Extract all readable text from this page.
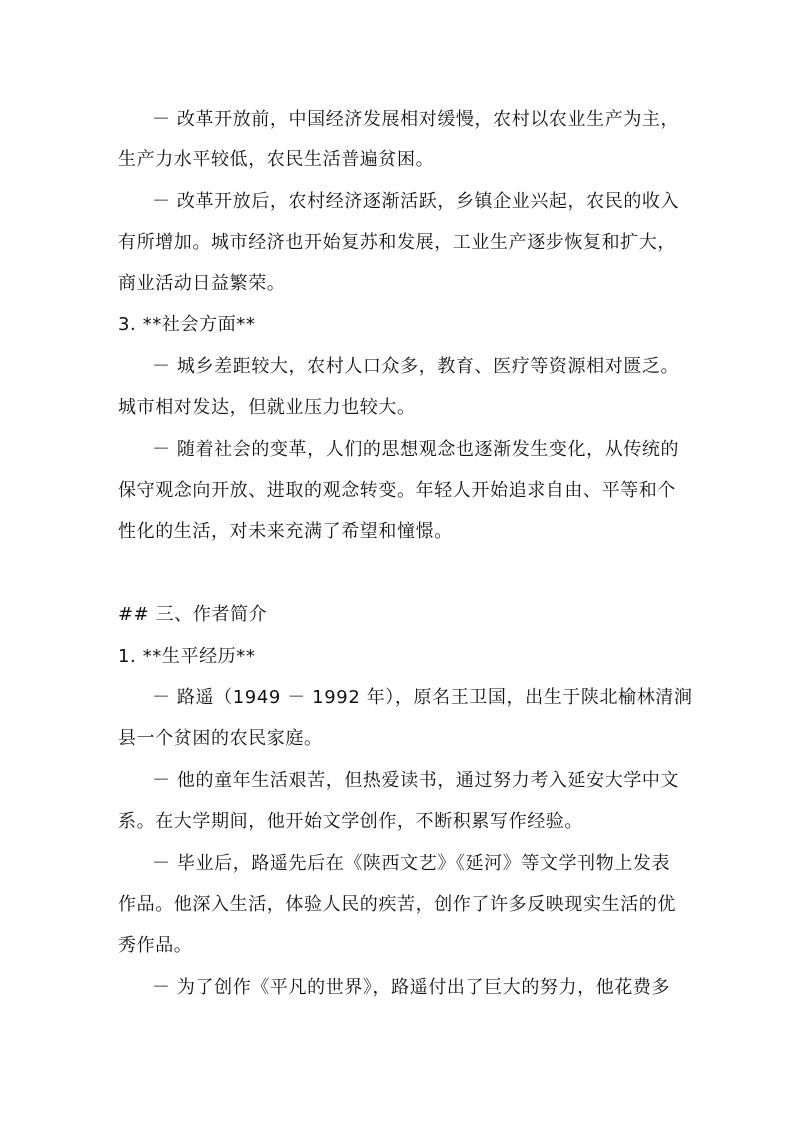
－ 改革开放前，中国经济发展相对缓慢，农村以农业生产为主，
生产力水平较低，农民生活普遍贫困。
－ 改革开放后，农村经济逐渐活跃，乡镇企业兴起，农民的收入
有所增加。城市经济也开始复苏和发展，工业生产逐步恢复和扩大，
商业活动日益繁荣。
3. **社会方面**
－ 城乡差距较大，农村人口众多，教育、医疗等资源相对匮乏。
城市相对发达，但就业压力也较大。
－ 随着社会的变革，人们的思想观念也逐渐发生变化，从传统的
保守观念向开放、进取的观念转变。年轻人开始追求自由、平等和个
性化的生活，对未来充满了希望和憧憬。
## 三、作者简介
1. **生平经历**
－ 路遥（1949 － 1992 年），原名王卫国，出生于陕北榆林清涧
县一个贫困的农民家庭。
－ 他的童年生活艰苦，但热爱读书，通过努力考入延安大学中文
系。在大学期间，他开始文学创作，不断积累写作经验。
－ 毕业后，路遥先后在《陕西文艺》《延河》等文学刊物上发表
作品。他深入生活，体验人民的疾苦，创作了许多反映现实生活的优
秀作品。
－ 为了创作《平凡的世界》，路遥付出了巨大的努力，他花费多
